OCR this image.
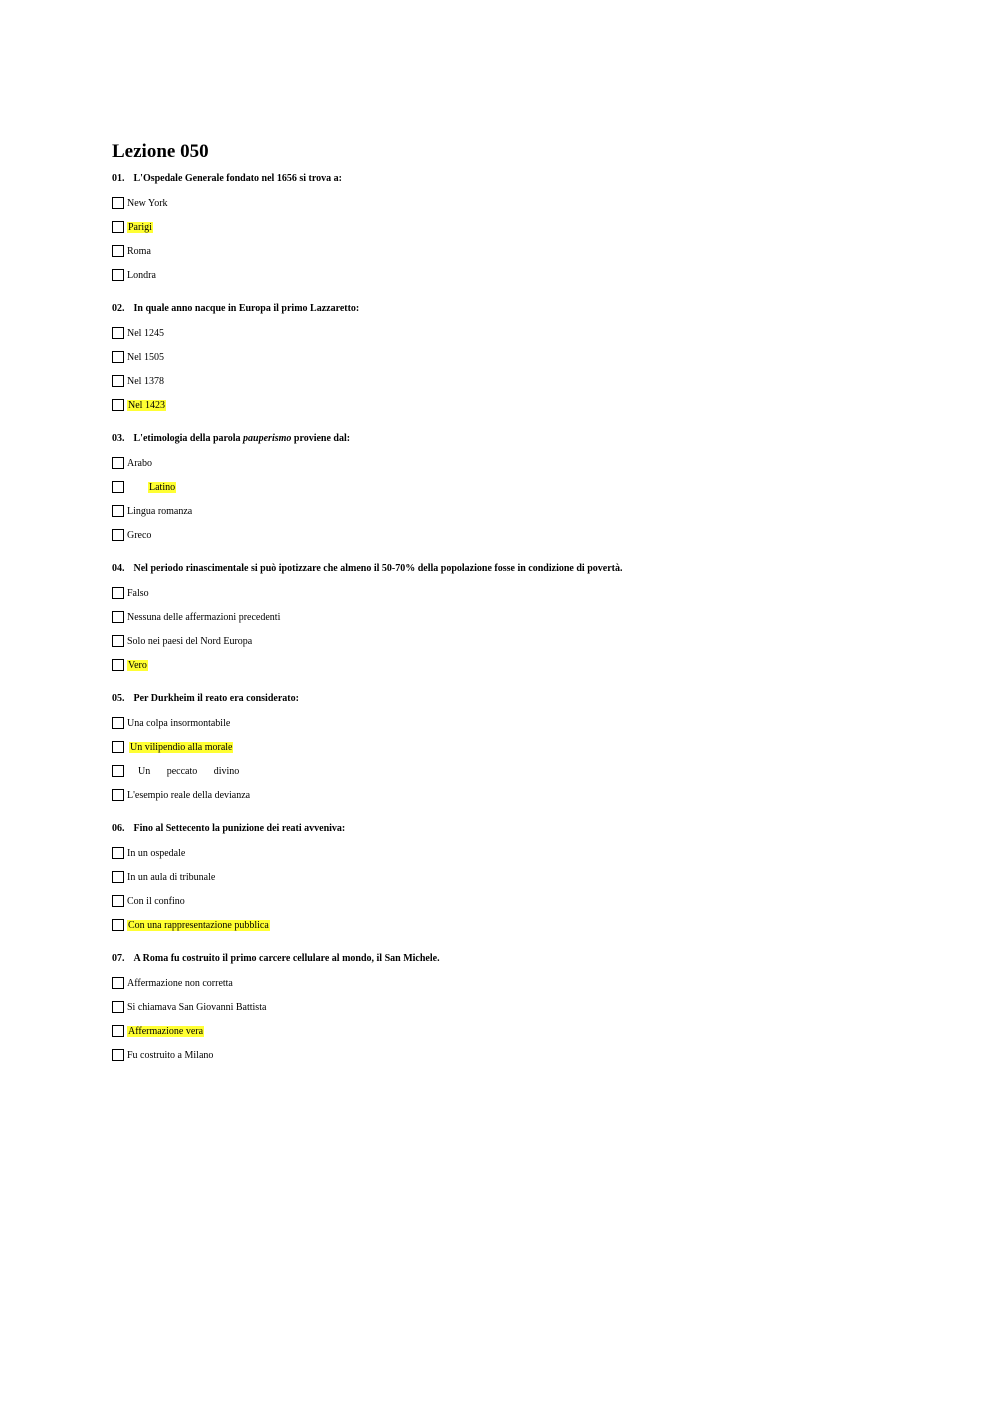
Lezione 050
01. L'Ospedale Generale fondato nel 1656 si trova a:
New York
Parigi
Roma
Londra
02. In quale anno nacque in Europa il primo Lazzaretto:
Nel 1245
Nel 1505
Nel 1378
Nel 1423
03. L'etimologia della parola pauperismo proviene dal:
Arabo
Latino
Lingua romanza
Greco
04. Nel periodo rinascimentale si può ipotizzare che almeno il 50-70% della popolazione fosse in condizione di povertà.
Falso
Nessuna delle affermazioni precedenti
Solo nei paesi del Nord Europa
Vero
05. Per Durkheim il reato era considerato:
Una colpa insormontabile
Un vilipendio alla morale
Un peccato divino
L'esempio reale della devianza
06. Fino al Settecento la punizione dei reati avveniva:
In un ospedale
In un aula di tribunale
Con il confino
Con una rappresentazione pubblica
07. A Roma fu costruito il primo carcere cellulare al mondo, il San Michele.
Affermazione non corretta
Si chiamava San Giovanni Battista
Affermazione vera
Fu costruito a Milano
